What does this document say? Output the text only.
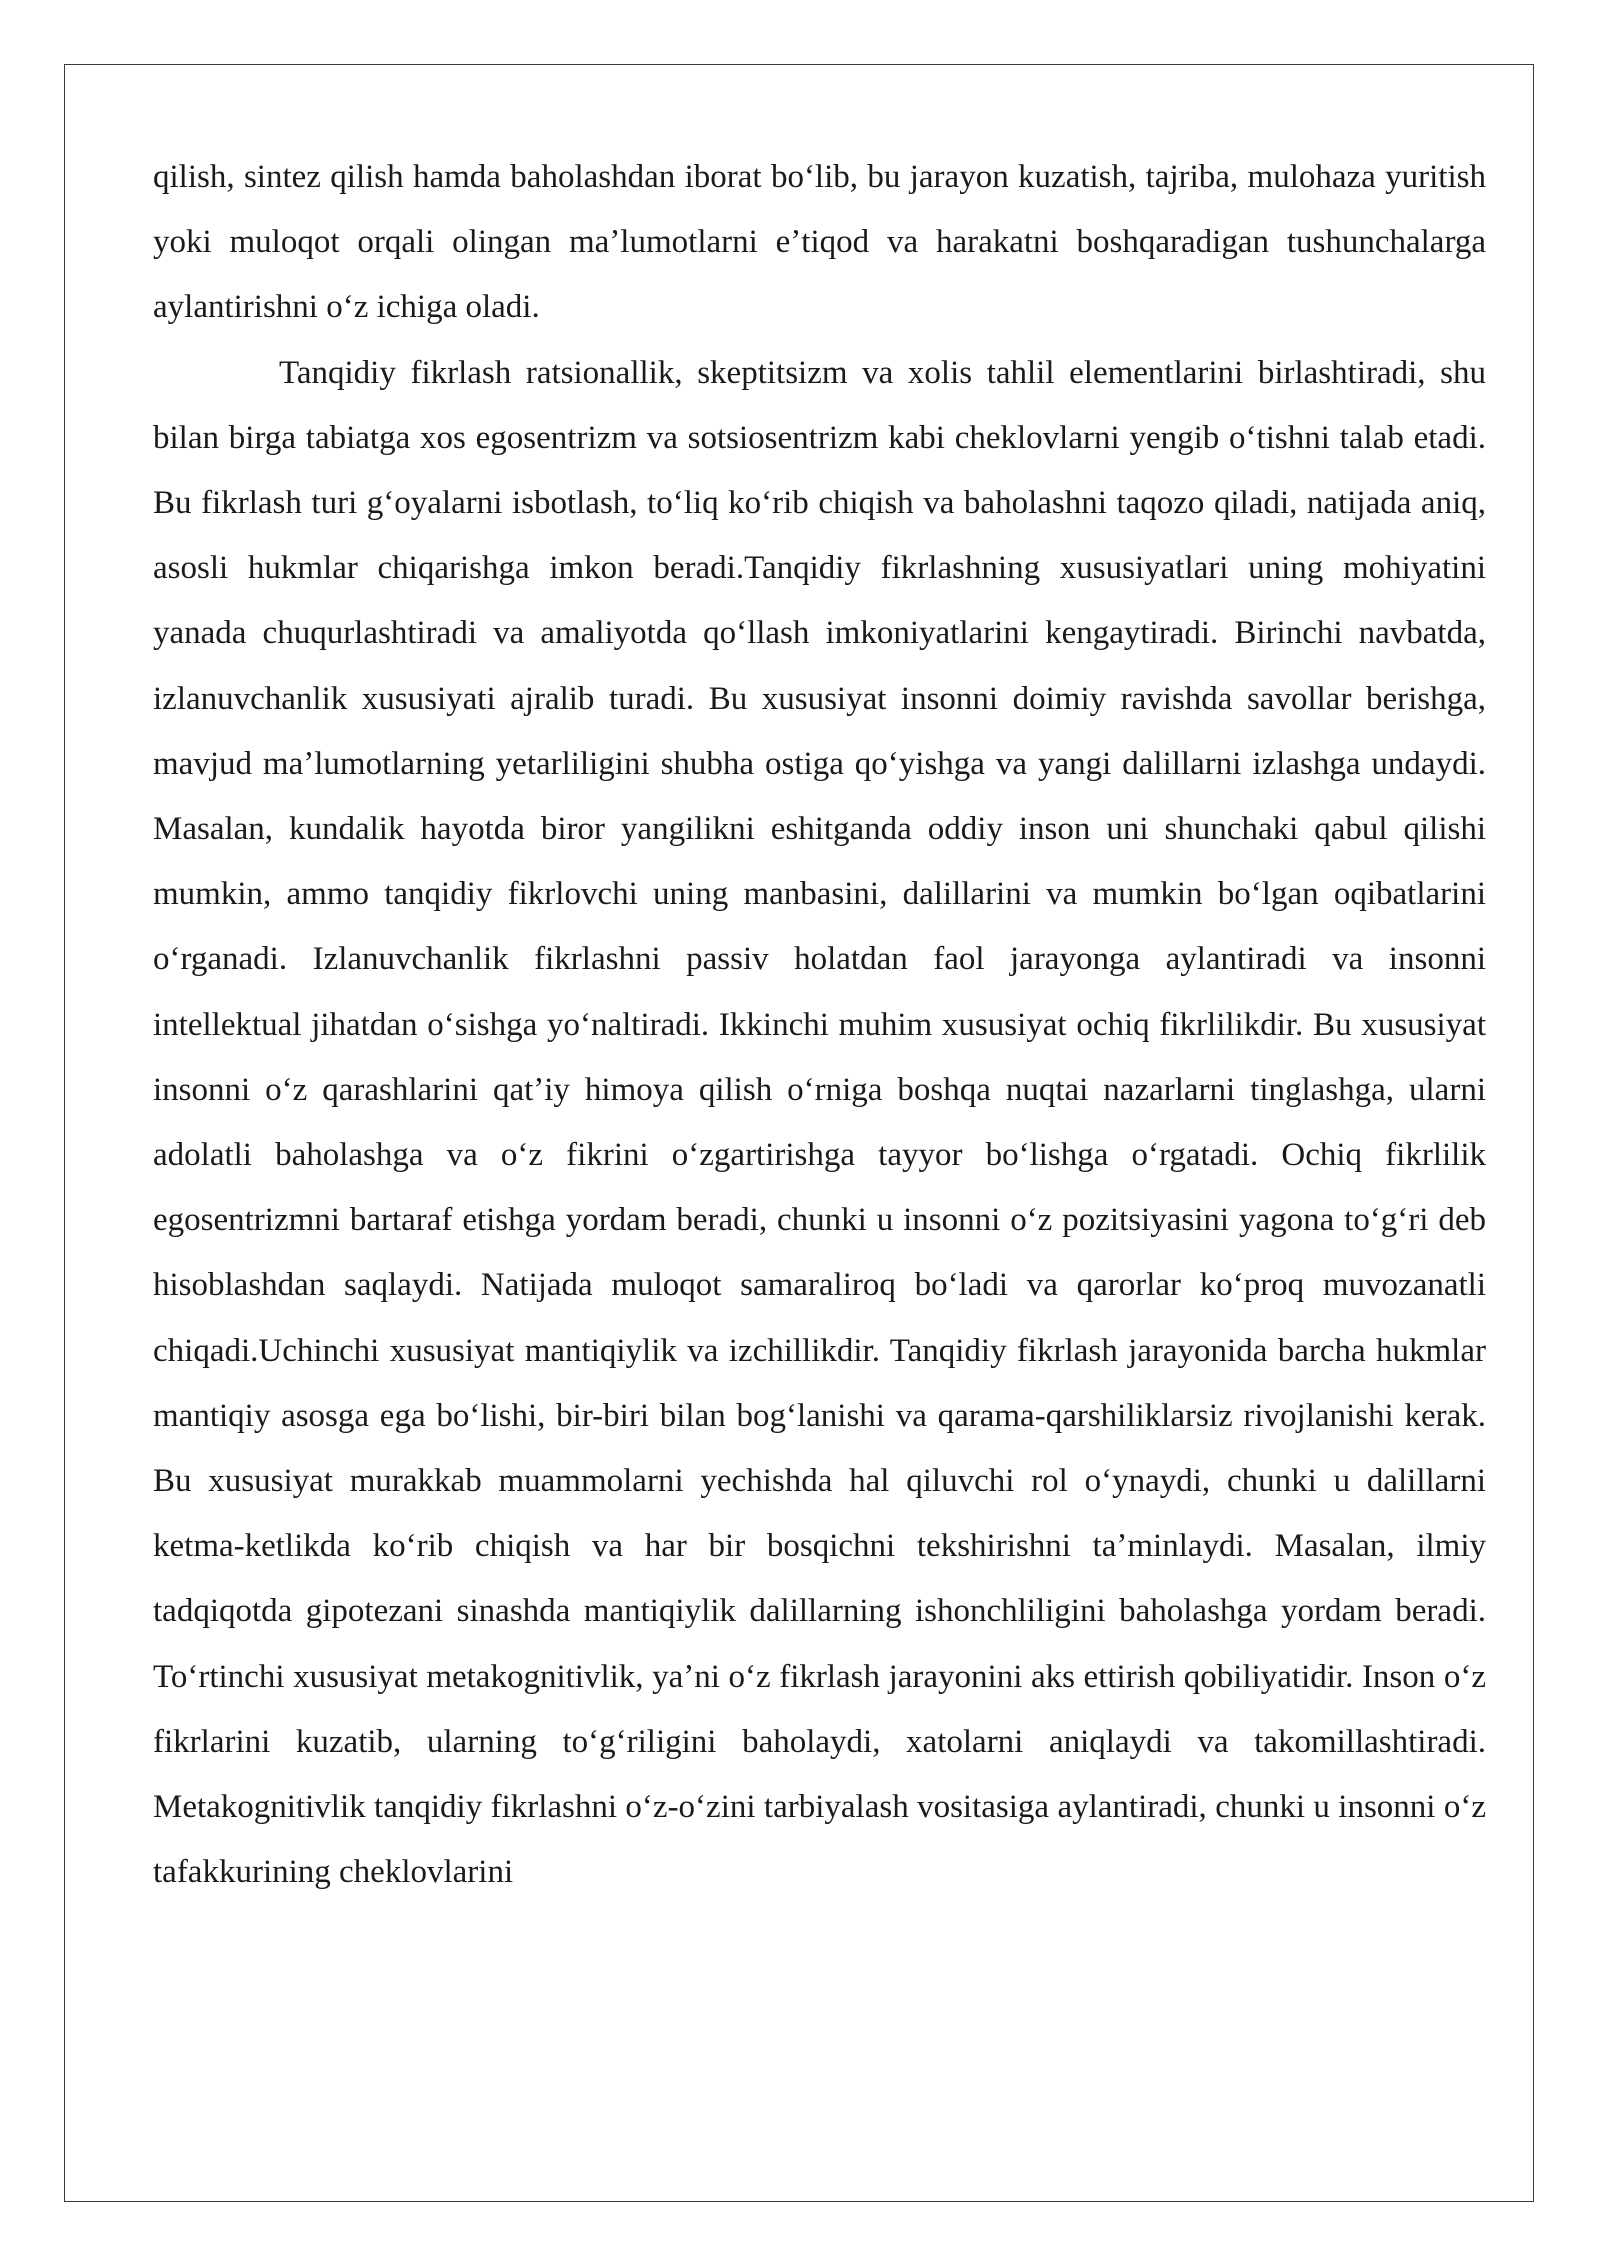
qilish, sintez qilish hamda baholashdan iborat boʻlib, bu jarayon kuzatish, tajriba, mulohaza yuritish yoki muloqot orqali olingan maʼlumotlarni eʼtiqod va harakatni boshqaradigan tushunchalarga aylantirishni oʻz ichiga oladi.

Tanqidiy fikrlash ratsionallik, skeptitsizm va xolis tahlil elementlarini birlashtiradi, shu bilan birga tabiatga xos egosentrizm va sotsiosentrizm kabi cheklovlarni yengib oʻtishni talab etadi. Bu fikrlash turi gʻoyalarni isbotlash, toʻliq koʻrib chiqish va baholashni taqozo qiladi, natijada aniq, asosli hukmlar chiqarishga imkon beradi.Tanqidiy fikrlashning xususiyatlari uning mohiyatini yanada chuqurlashtiradi va amaliyotda qoʻllash imkoniyatlarini kengaytiradi. Birinchi navbatda, izlanuvchanlik xususiyati ajralib turadi. Bu xususiyat insonni doimiy ravishda savollar berishga, mavjud maʼlumotlarning yetarliligini shubha ostiga qoʻyishga va yangi dalillarni izlashga undaydi. Masalan, kundalik hayotda biror yangilikni eshitganda oddiy inson uni shunchaki qabul qilishi mumkin, ammo tanqidiy fikrlovchi uning manbasini, dalillarini va mumkin boʻlgan oqibatlarini oʻrganadi. Izlanuvchanlik fikrlashni passiv holatdan faol jarayonga aylantiradi va insonni intellektual jihatdan oʻsishga yoʻnaltiradi. Ikkinchi muhim xususiyat ochiq fikrlilikdir. Bu xususiyat insonni oʻz qarashlarini qatʼiy himoya qilish oʻrniga boshqa nuqtai nazarlarni tinglashga, ularni adolatli baholashga va oʻz fikrini oʻzgartirishga tayyor boʻlishga oʻrgatadi. Ochiq fikrlilik egosentrizmni bartaraf etishga yordam beradi, chunki u insonni oʻz pozitsiyasini yagona toʻgʻri deb hisoblashdan saqlaydi. Natijada muloqot samaraliroq boʻladi va qarorlar koʻproq muvozanatli chiqadi.Uchinchi xususiyat mantiqiylik va izchillikdir. Tanqidiy fikrlash jarayonida barcha hukmlar mantiqiy asosga ega boʻlishi, bir-biri bilan bogʻlanishi va qarama-qarshiliklarsiz rivojlanishi kerak. Bu xususiyat murakkab muammolarni yechishda hal qiluvchi rol oʻynaydi, chunki u dalillarni ketma-ketlikda koʻrib chiqish va har bir bosqichni tekshirishni taʼminlaydi. Masalan, ilmiy tadqiqotda gipotezani sinashda mantiqiylik dalillarning ishonchliligini baholashga yordam beradi. Toʻrtinchi xususiyat metakognitivlik, yaʼni oʻz fikrlash jarayonini aks ettirish qobiliyatidir. Inson oʻz fikrlarini kuzatib, ularning toʻgʻriligini baholaydi, xatolarni aniqlaydi va takomillashtiradi. Metakognitivlik tanqidiy fikrlashni oʻz-oʻzini tarbiyalash vositasiga aylantiradi, chunki u insonni oʻz tafakkurining cheklovlarini
